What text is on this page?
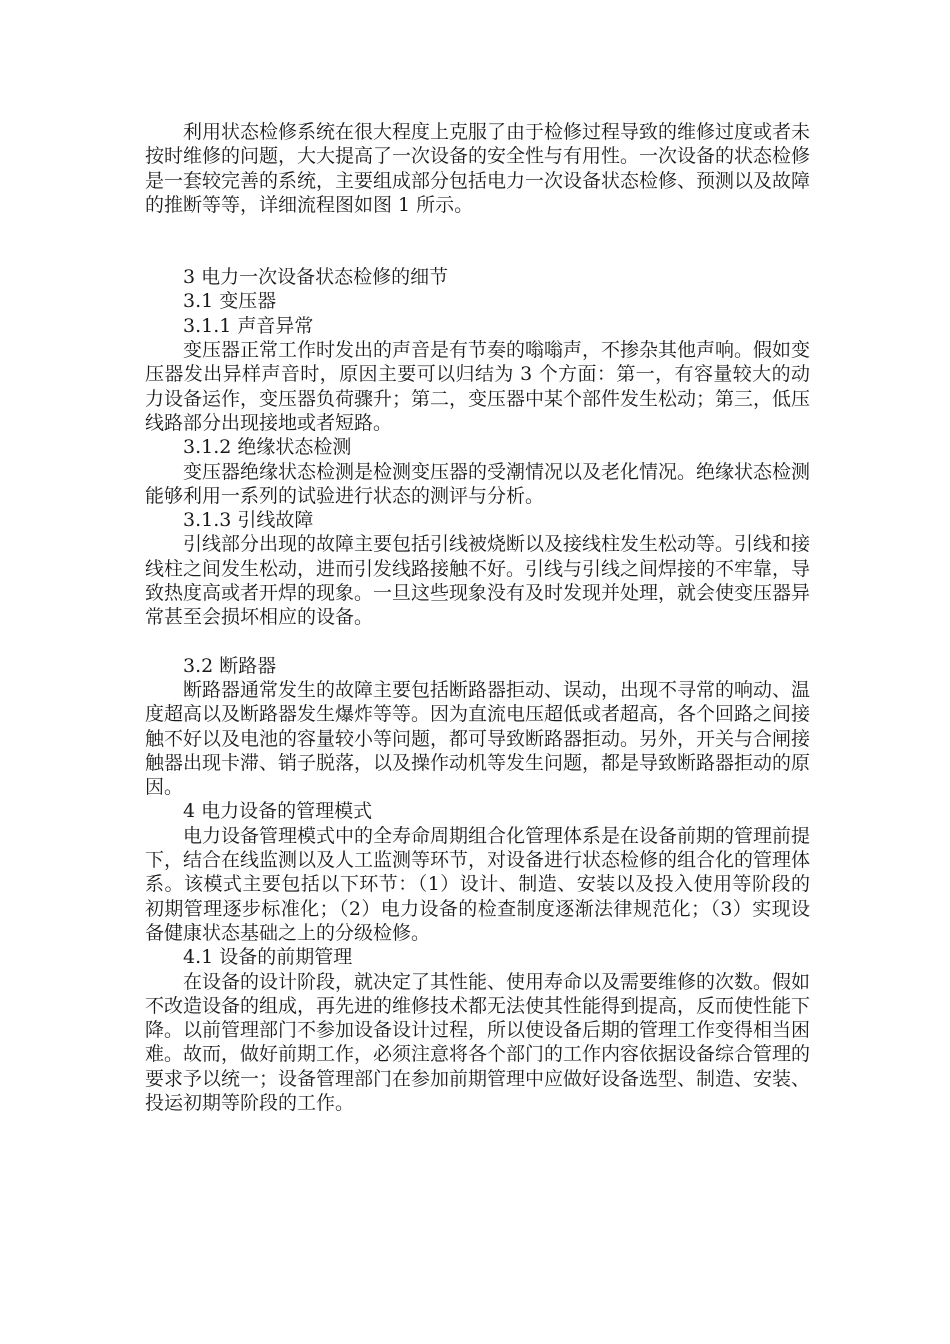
利用状态检修系统在很大程度上克服了由于检修过程导致的维修过度或者未按时维修的问题，大大提高了一次设备的安全性与有用性。一次设备的状态检修是一套较完善的系统，主要组成部分包括电力一次设备状态检修、预测以及故障的推断等等，详细流程图如图 1 所示。

3 电力一次设备状态检修的细节

3.1 变压器

3.1.1 声音异常

变压器正常工作时发出的声音是有节奏的嗡嗡声，不掺杂其他声响。假如变压器发出异样声音时，原因主要可以归结为 3 个方面：第一，有容量较大的动力设备运作，变压器负荷骤升；第二，变压器中某个部件发生松动；第三，低压线路部分出现接地或者短路。

3.1.2 绝缘状态检测

变压器绝缘状态检测是检测变压器的受潮情况以及老化情况。绝缘状态检测能够利用一系列的试验进行状态的测评与分析。

3.1.3 引线故障

引线部分出现的故障主要包括引线被烧断以及接线柱发生松动等。引线和接线柱之间发生松动，进而引发线路接触不好。引线与引线之间焊接的不牢靠，导致热度高或者开焊的现象。一旦这些现象没有及时发现并处理，就会使变压器异常甚至会损坏相应的设备。

3.2 断路器

断路器通常发生的故障主要包括断路器拒动、误动，出现不寻常的响动、温度超高以及断路器发生爆炸等等。因为直流电压超低或者超高，各个回路之间接触不好以及电池的容量较小等问题，都可导致断路器拒动。另外，开关与合闸接触器出现卡滞、销子脱落，以及操作动机等发生问题，都是导致断路器拒动的原因。

4 电力设备的管理模式

电力设备管理模式中的全寿命周期组合化管理体系是在设备前期的管理前提下，结合在线监测以及人工监测等环节，对设备进行状态检修的组合化的管理体系。该模式主要包括以下环节：（1）设计、制造、安装以及投入使用等阶段的初期管理逐步标准化；（2）电力设备的检查制度逐渐法律规范化；（3）实现设备健康状态基础之上的分级检修。

4.1 设备的前期管理

在设备的设计阶段，就决定了其性能、使用寿命以及需要维修的次数。假如不改造设备的组成，再先进的维修技术都无法使其性能得到提高，反而使性能下降。以前管理部门不参加设备设计过程，所以使设备后期的管理工作变得相当困难。故而，做好前期工作，必须注意将各个部门的工作内容依据设备综合管理的要求予以统一；设备管理部门在参加前期管理中应做好设备选型、制造、安装、投运初期等阶段的工作。
